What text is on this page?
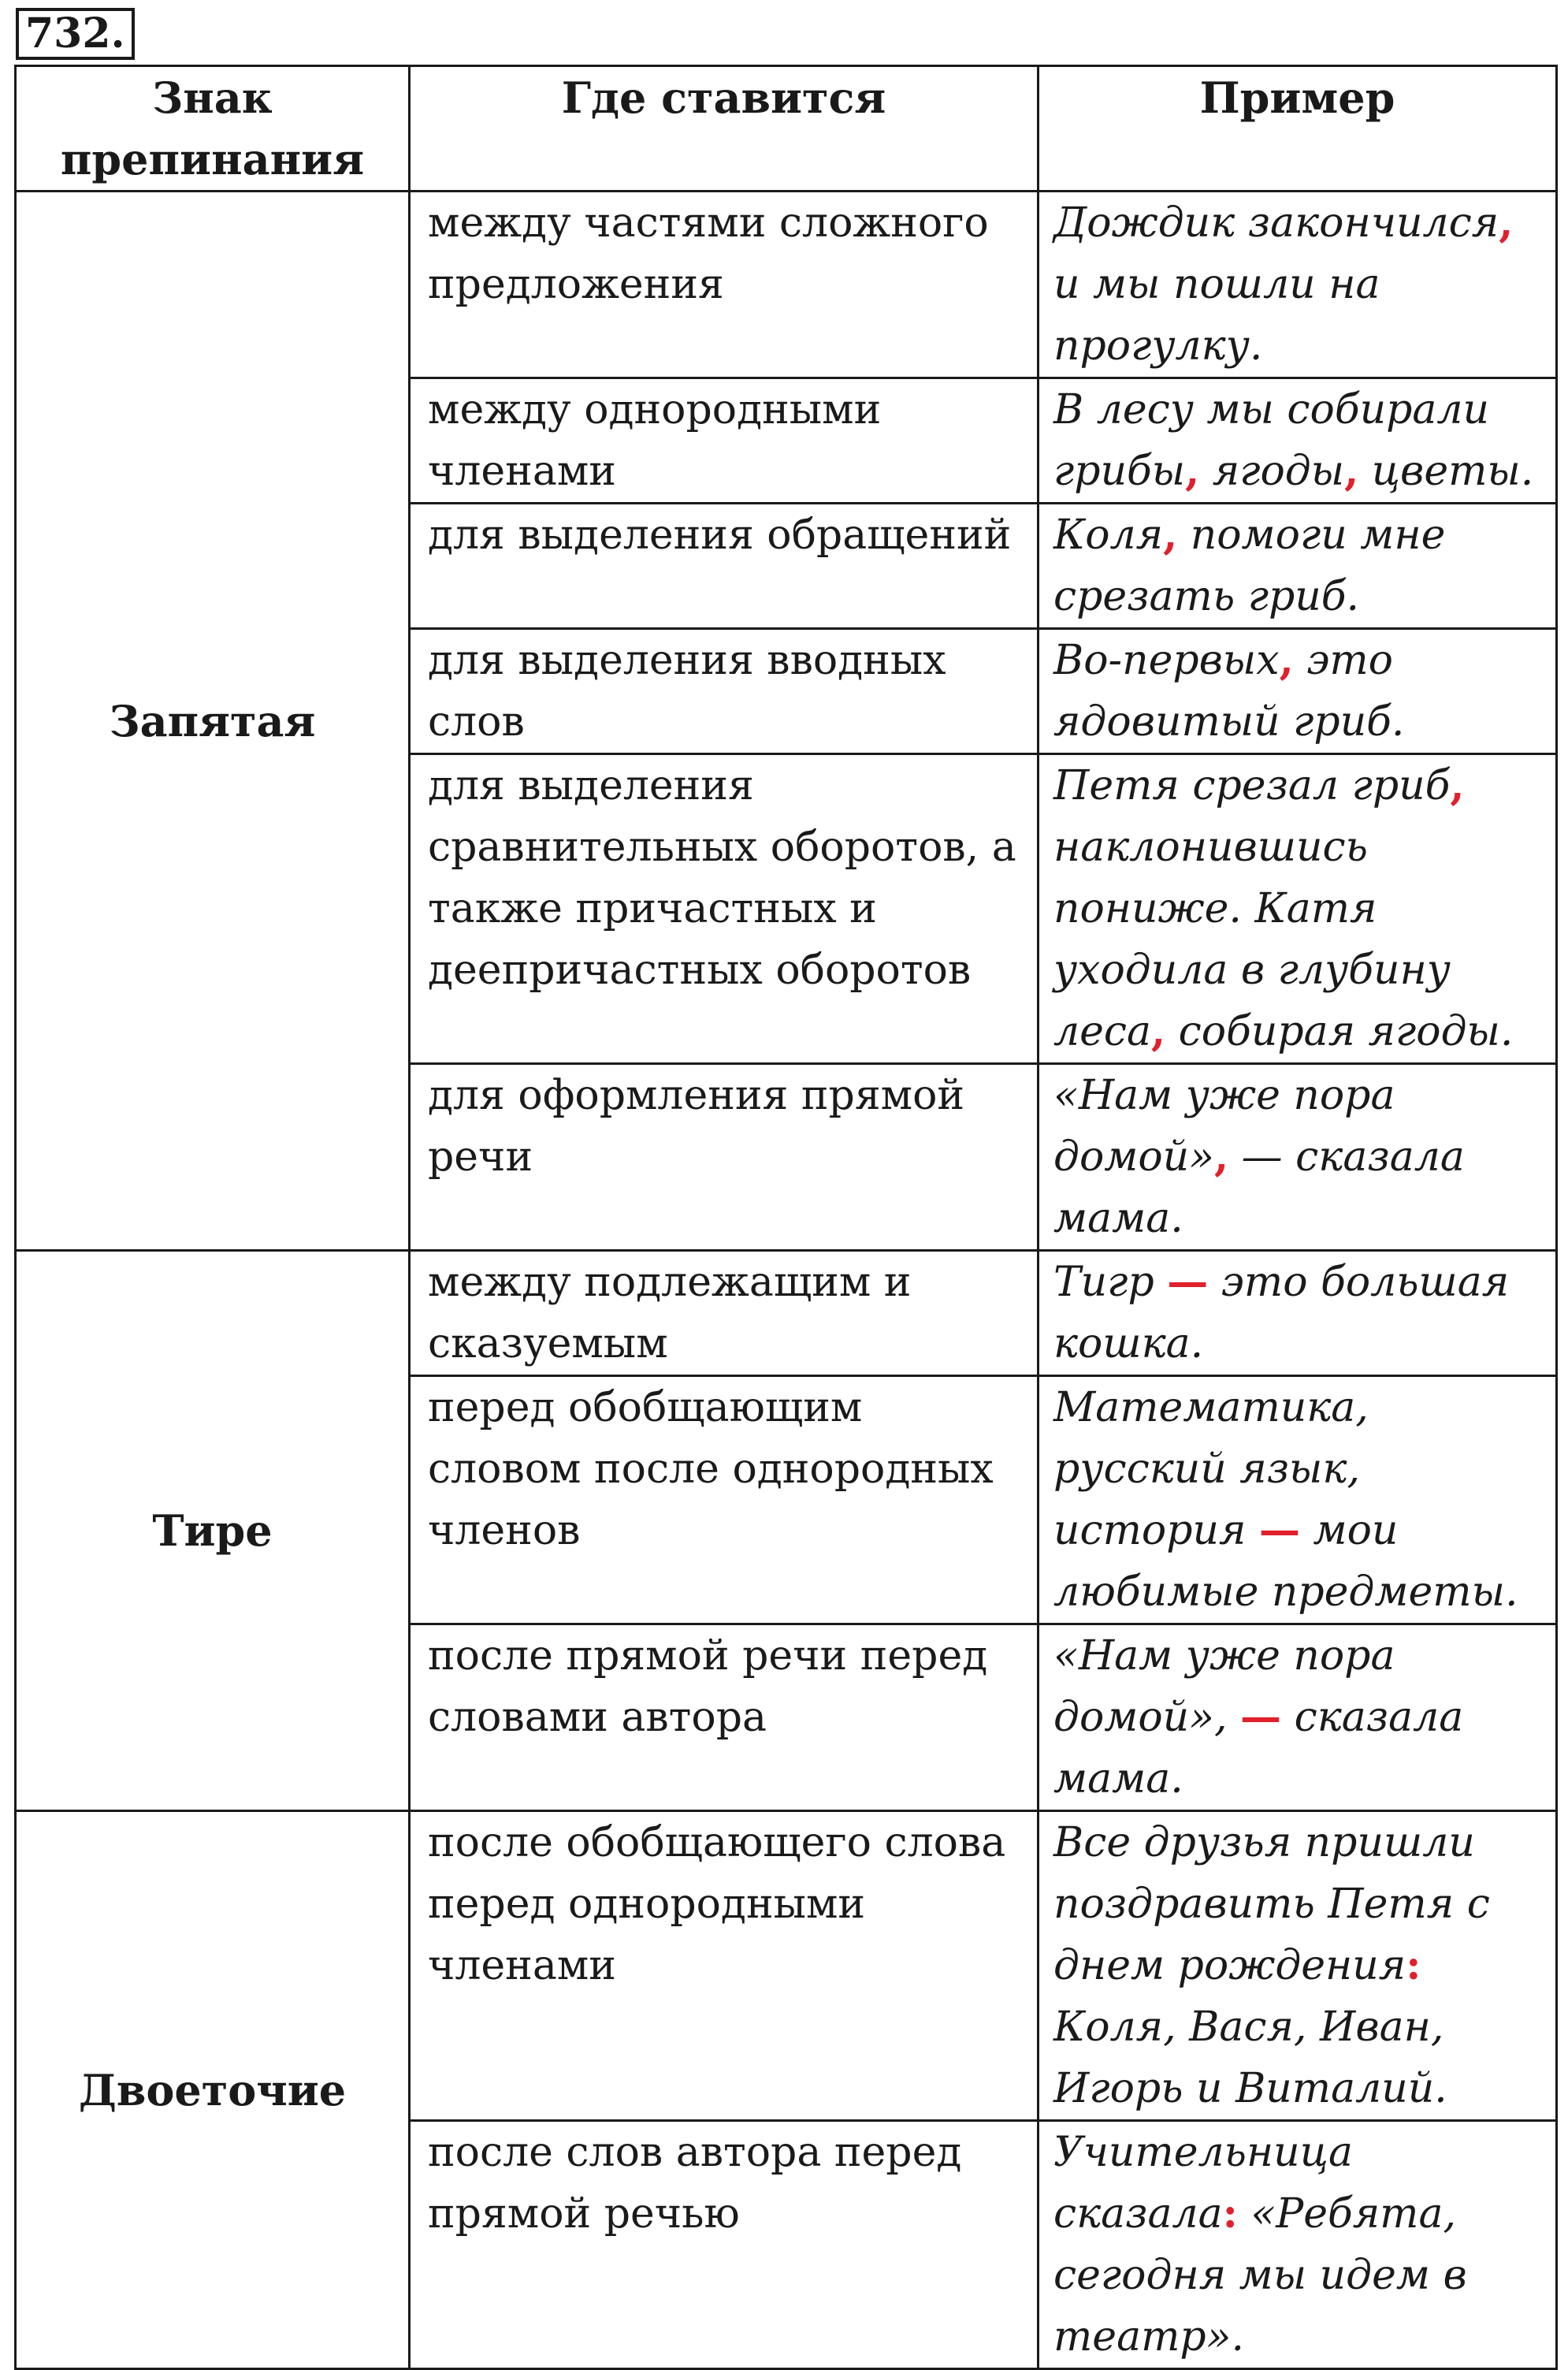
732.
Знак препинания	Где ставится	Пример
Запятая	между частями сложного предложения	Дождик закончился, и мы пошли на прогулку.
	между однородными членами	В лесу мы собирали грибы, ягоды, цветы.
	для выделения обращений	Коля, помоги мне срезать гриб.
	для выделения вводных слов	Во-первых, это ядовитый гриб.
	для выделения сравнительных оборотов, а также причастных и деепричастных оборотов	Петя срезал гриб, наклонившись пониже. Катя уходила в глубину леса, собирая ягоды.
	для оформления прямой речи	«Нам уже пора домой», — сказала мама.
Тире	между подлежащим и сказуемым	Тигр — это большая кошка.
	перед обобщающим словом после однородных членов	Математика, русский язык, история — мои любимые предметы.
	после прямой речи перед словами автора	«Нам уже пора домой», — сказала мама.
Двоеточие	после обобщающего слова перед однородными членами	Все друзья пришли поздравить Петя с днем рождения: Коля, Вася, Иван, Игорь и Виталий.
	после слов автора перед прямой речью	Учительница сказала: «Ребята, сегодня мы идем в театр».
